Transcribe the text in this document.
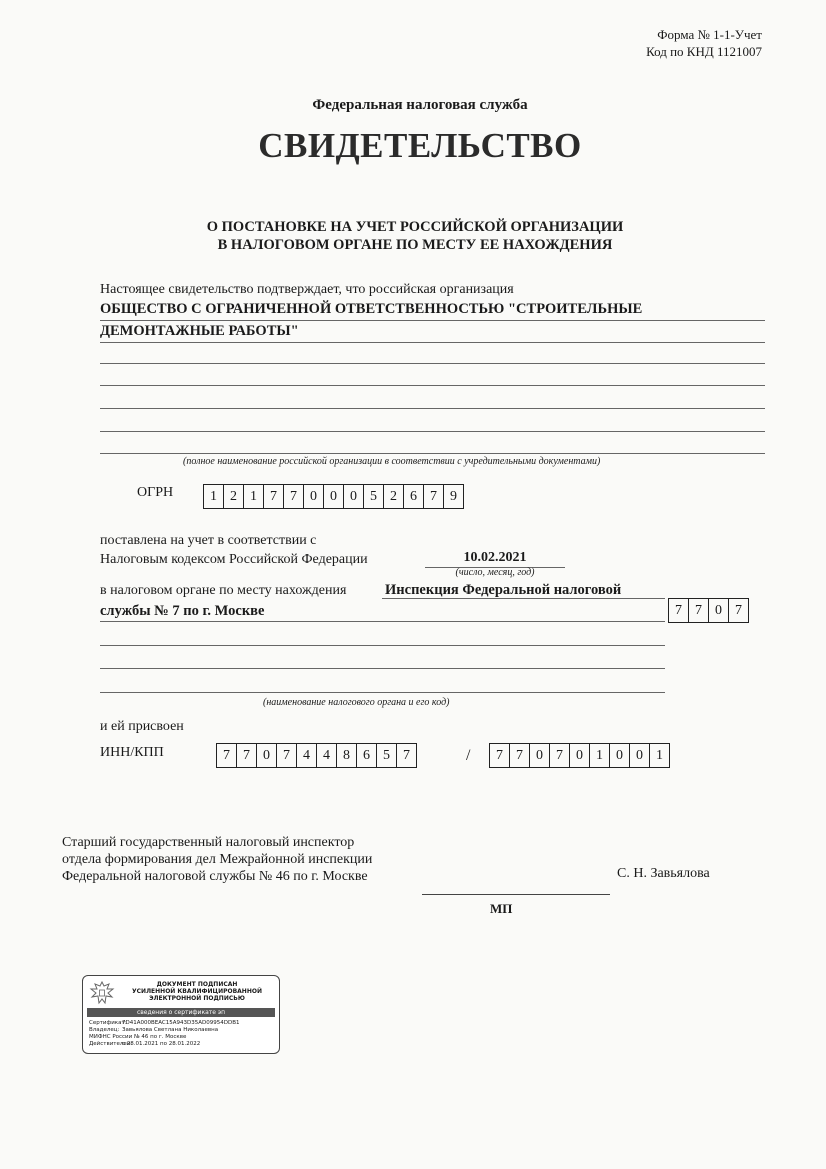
Форма № 1-1-Учет
Код по КНД 1121007
Федеральная налоговая служба
СВИДЕТЕЛЬСТВО
О ПОСТАНОВКЕ НА УЧЕТ РОССИЙСКОЙ ОРГАНИЗАЦИИ
В НАЛОГОВОМ ОРГАНЕ ПО МЕСТУ ЕЕ НАХОЖДЕНИЯ
Настоящее свидетельство подтверждает, что российская организация
ОБЩЕСТВО С ОГРАНИЧЕННОЙ ОТВЕТСТВЕННОСТЬЮ "СТРОИТЕЛЬНЫЕ
ДЕМОНТАЖНЫЕ РАБОТЫ"
(полное наименование российской организации в соответствии с учредительными документами)
ОГРН	1 2 1 7 7 0 0 0 5 2 6 7 9
поставлена на учет в соответствии с
Налоговым кодексом Российской Федерации	10.02.2021
(число, месяц, год)
в налоговом органе по месту нахождения	Инспекция Федеральной налоговой
службы № 7 по г. Москве	7 7 0 7
(наименование налогового органа и его код)
и ей присвоен
ИНН/КПП	7 7 0 7 4 4 8 6 5 7	/	7 7 0 7 0 1 0 0 1
Старший государственный налоговый инспектор
отдела формирования дел Межрайонной инспекции
Федеральной налоговой службы № 46 по г. Москве	С. Н. Завьялова
МП
ДОКУМЕНТ ПОДПИСАН
УСИЛЕННОЙ КВАЛИФИЦИРОВАННОЙ
ЭЛЕКТРОННОЙ ПОДПИСЬЮ
сведения о сертификате эп
Сертификат:7D41A000BEAC15A943D35AD09954DDB1
Владелец: Завьялова Светлана Николаевна
МИФНС России № 46 по г. Москве
Действителен:с 28.01.2021 по 28.01.2022
